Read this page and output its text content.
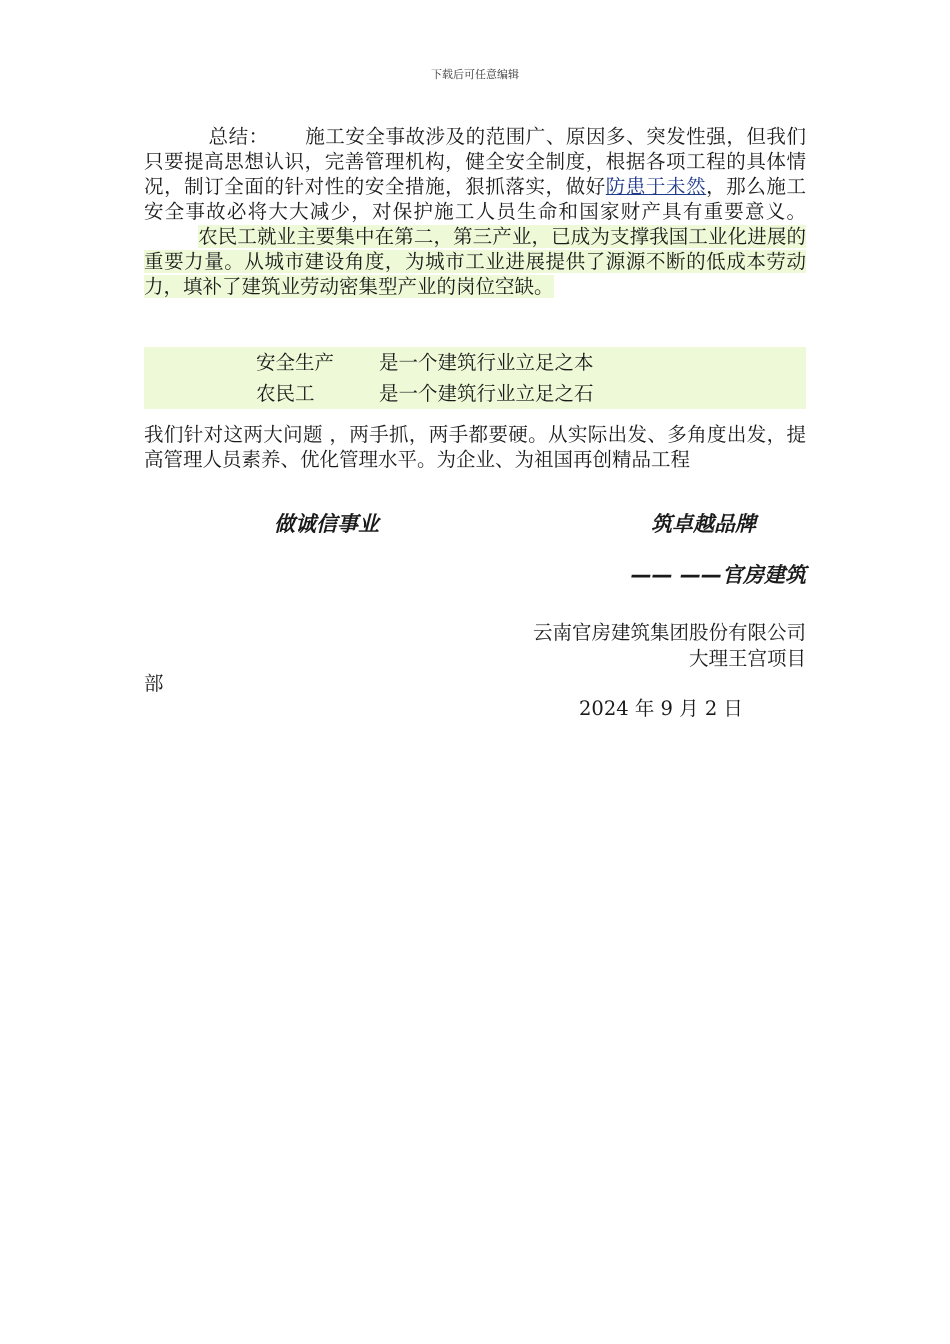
下载后可任意编辑

总结： 施工安全事故涉及的范围广、原因多、突发性强，但我们只要提高思想认识，完善管理机构，健全安全制度，根据各项工程的具体情况，制订全面的针对性的安全措施，狠抓落实，做好防患于未然，那么施工安全事故必将大大减少，对保护施工人员生命和国家财产具有重要意义。农民工就业主要集中在第二，第三产业，已成为支撑我国工业化进展的重要力量。从城市建设角度，为城市工业进展提供了源源不断的低成本劳动力，填补了建筑业劳动密集型产业的岗位空缺。

安全生产 是一个建筑行业立足之本
农民工	是一个建筑行业立足之石

我们针对这两大问题 ，两手抓，两手都要硬。从实际出发、多角度出发，提高管理人员素养、优化管理水平。为企业、为祖国再创精品工程

做诚信事业	筑卓越品牌
—— ——官房建筑
云南官房建筑集团股份有限公司
大理王宫项目
部
2024 年 9 月 2 日
